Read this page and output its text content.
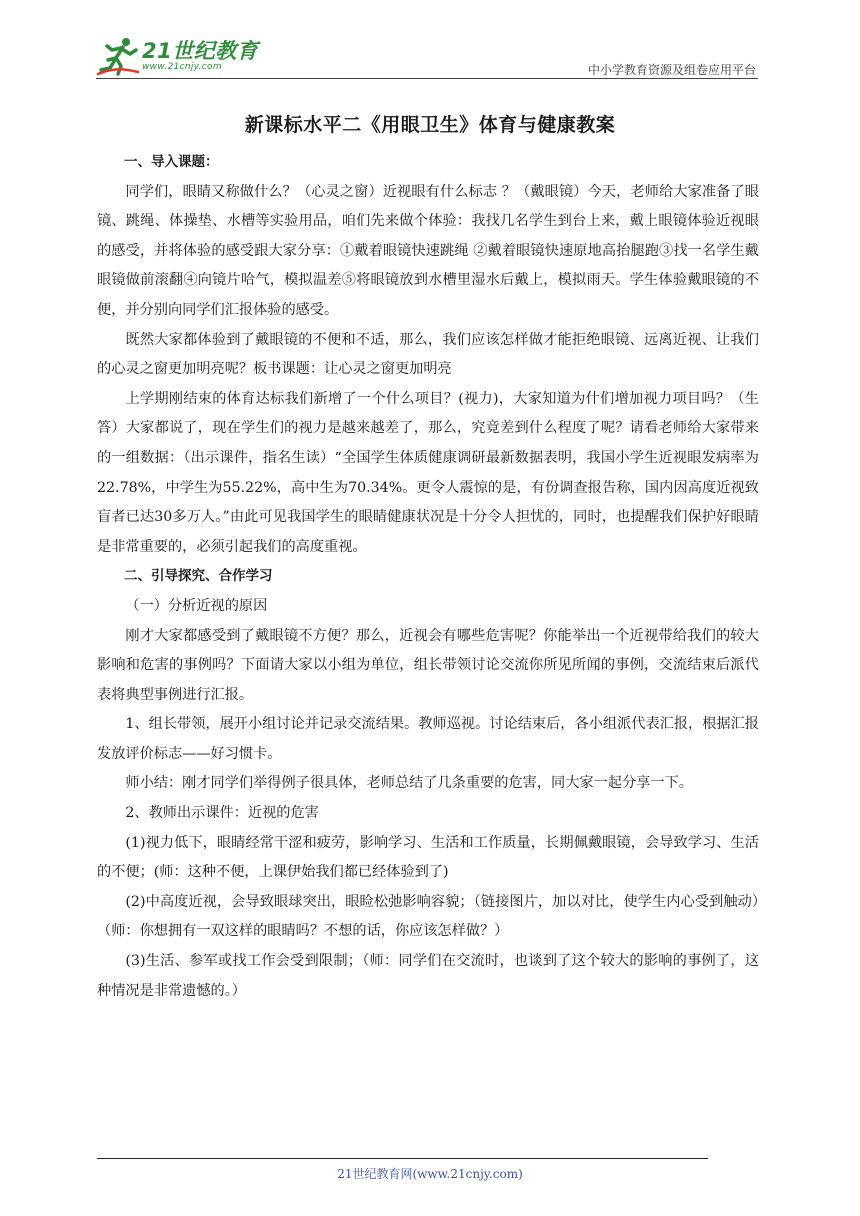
21世纪教育
www.21cnjy.com	中小学教育资源及组卷应用平台
新课标水平二《用眼卫生》体育与健康教案

一、导入课题：

同学们，眼睛又称做什么？（心灵之窗）近视眼有什么标志 ？（戴眼镜）今天，老师给大家准备了眼镜、跳绳、体操垫、水槽等实验用品，咱们先来做个体验：我找几名学生到台上来，戴上眼镜体验近视眼的感受，并将体验的感受跟大家分享：①戴着眼镜快速跳绳 ②戴着眼镜快速原地高抬腿跑③找一名学生戴眼镜做前滚翻④向镜片哈气，模拟温差⑤将眼镜放到水槽里湿水后戴上，模拟雨天。学生体验戴眼镜的不便，并分别向同学们汇报体验的感受。

既然大家都体验到了戴眼镜的不便和不适，那么，我们应该怎样做才能拒绝眼镜、远离近视、让我们的心灵之窗更加明亮呢？板书课题：让心灵之窗更加明亮

上学期刚结束的体育达标我们新增了一个什么项目？(视力)，大家知道为什们增加视力项目吗？（生答）大家都说了，现在学生们的视力是越来越差了，那么，究竟差到什么程度了呢？请看老师给大家带来的一组数据：（出示课件，指名生读）“全国学生体质健康调研最新数据表明，我国小学生近视眼发病率为22.78%，中学生为55.22%，高中生为70.34%。更令人震惊的是，有份调查报告称，国内因高度近视致盲者已达30多万人。”由此可见我国学生的眼睛健康状况是十分令人担忧的，同时，也提醒我们保护好眼睛是非常重要的，必须引起我们的高度重视。

二、引导探究、合作学习

（一）分析近视的原因

刚才大家都感受到了戴眼镜不方便？那么，近视会有哪些危害呢？你能举出一个近视带给我们的较大影响和危害的事例吗？下面请大家以小组为单位，组长带领讨论交流你所见所闻的事例，交流结束后派代表将典型事例进行汇报。

1、组长带领，展开小组讨论并记录交流结果。教师巡视。讨论结束后，各小组派代表汇报，根据汇报发放评价标志——好习惯卡。

师小结：刚才同学们举得例子很具体，老师总结了几条重要的危害，同大家一起分享一下。

2、教师出示课件：近视的危害

(1)视力低下，眼睛经常干涩和疲劳，影响学习、生活和工作质量，长期佩戴眼镜，会导致学习、生活的不便；(师：这种不便，上课伊始我们都已经体验到了)

(2)中高度近视，会导致眼球突出，眼睑松弛影响容貌；（链接图片，加以对比，使学生内心受到触动）（师：你想拥有一双这样的眼睛吗？不想的话，你应该怎样做？）

(3)生活、参军或找工作会受到限制；（师：同学们在交流时，也谈到了这个较大的影响的事例了，这种情况是非常遗憾的。）

21世纪教育网(www.21cnjy.com)
